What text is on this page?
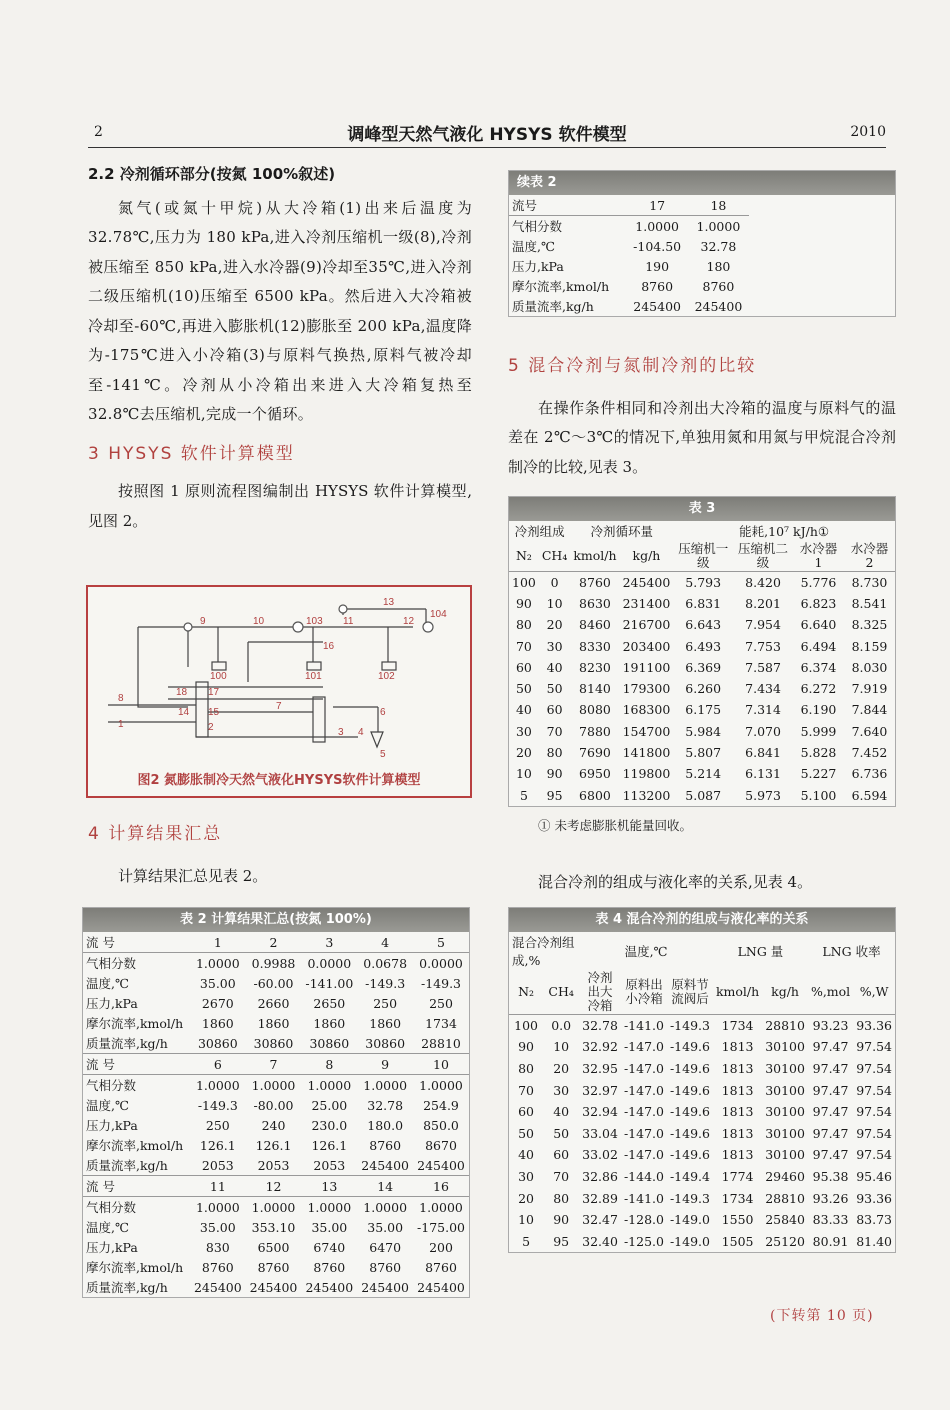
2	调峰型天然气液化 HYSYS 软件模型	2010
2.2 冷剂循环部分(按氮 100%叙述)
氮气(或氮十甲烷)从大冷箱(1)出来后温度为32.78℃,压力为 180 kPa,进入冷剂压缩机一级(8),冷剂被压缩至 850 kPa,进入水冷器(9)冷却至35℃,进入冷剂二级压缩机(10)压缩至 6500 kPa。然后进入大冷箱被冷却至-60℃,再进入膨胀机(12)膨胀至 200 kPa,温度降为-175℃进入小冷箱(3)与原料气换热,原料气被冷却至-141℃。冷剂从小冷箱出来进入大冷箱复热至 32.8℃去压缩机,完成一个循环。
3 HYSYS 软件计算模型
按照图 1 原则流程图编制出 HYSYS 软件计算模型,见图 2。
9	10	103 11
13
12
104
16
100	101	102
8
18 17
14 15
1	2
7
6
3 4
5
图2 氮膨胀制冷天然气液化HYSYS软件计算模型
4 计算结果汇总
计算结果汇总见表 2。
表 2 计算结果汇总(按氮 100%)
流 号	1	2	3	4	5
气相分数	1.0000	0.9988	0.0000	0.0678	0.0000
温度,℃	35.00	-60.00	-141.00	-149.3	-149.3
压力,kPa	2670	2660	2650	250	250
摩尔流率,kmol/h	1860	1860	1860	1860	1734
质量流率,kg/h	30860	30860	30860	30860	28810
流 号	6	7	8	9	10
气相分数	1.0000	1.0000	1.0000	1.0000	1.0000
温度,℃	-149.3	-80.00	25.00	32.78	254.9
压力,kPa	250	240	230.0	180.0	850.0
摩尔流率,kmol/h	126.1	126.1	126.1	8760	8670
质量流率,kg/h	2053	2053	2053	245400	245400
流 号	11	12	13	14	16
气相分数	1.0000	1.0000	1.0000	1.0000	1.0000
温度,℃	35.00	353.10	35.00	35.00	-175.00
压力,kPa	830	6500	6740	6470	200
摩尔流率,kmol/h	8760	8760	8760	8760	8760
质量流率,kg/h	245400	245400	245400	245400	245400
续表 2
流号	17	18
气相分数	1.0000	1.0000
温度,℃	-104.50	32.78
压力,kPa	190	180
摩尔流率,kmol/h	8760	8760
质量流率,kg/h	245400	245400
5 混合冷剂与氮制冷剂的比较
在操作条件相同和冷剂出大冷箱的温度与原料气的温差在 2℃～3℃的情况下,单独用氮和用氮与甲烷混合冷剂制冷的比较,见表 3。
表 3
冷剂组成		冷剂循环量		能耗,10⁷ kJ/h①			
N₂	CH₄	kmol/h	kg/h	压缩机一级	压缩机二级	水冷器 1	水冷器 2
100	0	8760	245400	5.793	8.420	5.776	8.730
90	10	8630	231400	6.831	8.201	6.823	8.541
80	20	8460	216700	6.643	7.954	6.640	8.325
70	30	8330	203400	6.493	7.753	6.494	8.159
60	40	8230	191100	6.369	7.587	6.374	8.030
50	50	8140	179300	6.260	7.434	6.272	7.919
40	60	8080	168300	6.175	7.314	6.190	7.844
30	70	7880	154700	5.984	7.070	5.999	7.640
20	80	7690	141800	5.807	6.841	5.828	7.452
10	90	6950	119800	5.214	6.131	5.227	6.736
5	95	6800	113200	5.087	5.973	5.100	6.594
① 未考虑膨胀机能量回收。
混合冷剂的组成与液化率的关系,见表 4。
表 4 混合冷剂的组成与液化率的关系
混合冷剂组成,%		温度,℃			LNG 量		LNG 收率	
N₂	CH₄	冷剂出大冷箱	原料出小冷箱	原料节流阀后	kmol/h	kg/h	%,mol	%,W
100	0.0	32.78	-141.0	-149.3	1734	28810	93.23	93.36
90	10	32.92	-147.0	-149.6	1813	30100	97.47	97.54
80	20	32.95	-147.0	-149.6	1813	30100	97.47	97.54
70	30	32.97	-147.0	-149.6	1813	30100	97.47	97.54
60	40	32.94	-147.0	-149.6	1813	30100	97.47	97.54
50	50	33.04	-147.0	-149.6	1813	30100	97.47	97.54
40	60	33.02	-147.0	-149.6	1813	30100	97.47	97.54
30	70	32.86	-144.0	-149.4	1774	29460	95.38	95.46
20	80	32.89	-141.0	-149.3	1734	28810	93.26	93.36
10	90	32.47	-128.0	-149.0	1550	25840	83.33	83.73
5	95	32.40	-125.0	-149.0	1505	25120	80.91	81.40
(下转第 10 页)
